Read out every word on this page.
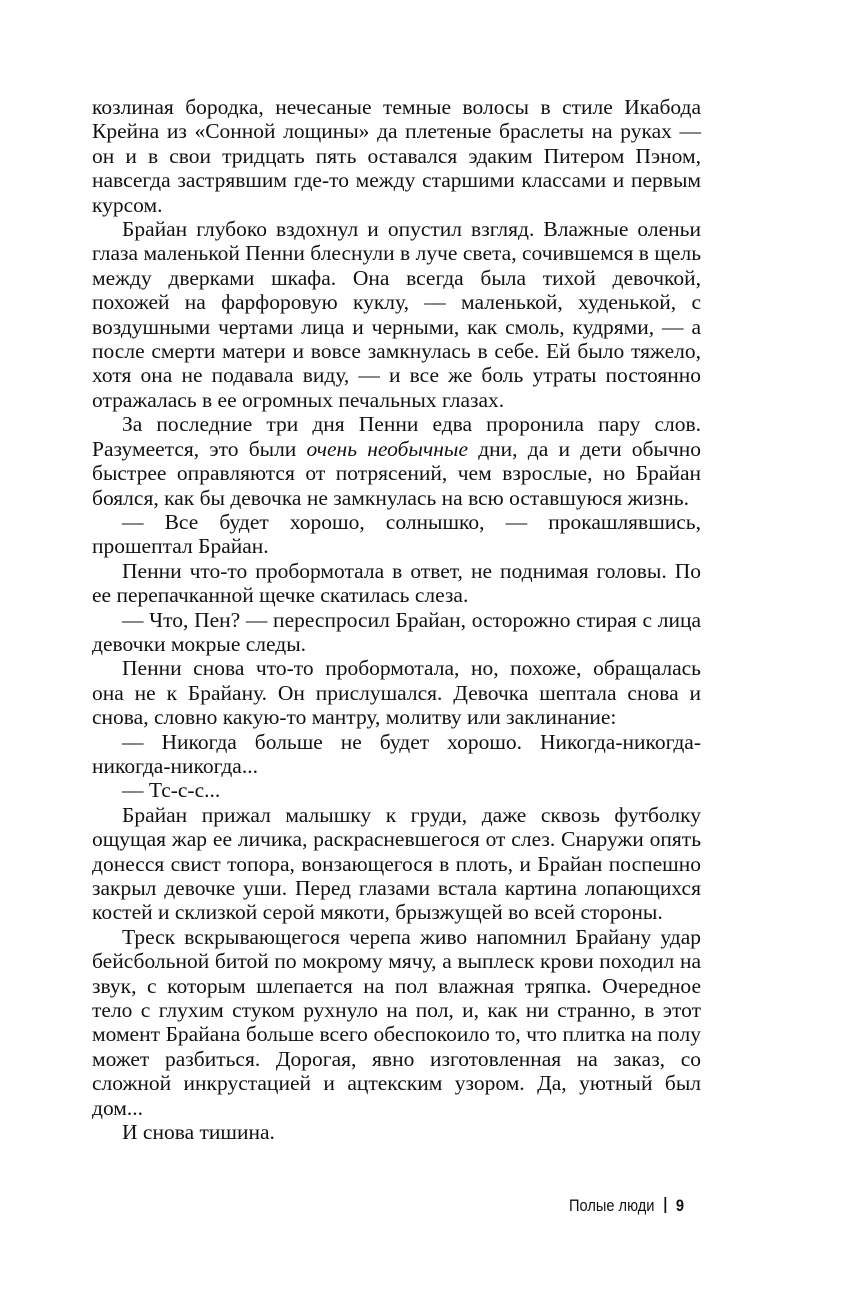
козлиная бородка, нечесаные темные волосы в стиле Икабода Крейна из «Сонной лощины» да плетеные браслеты на руках — он и в свои тридцать пять оставался эдаким Питером Пэном, навсегда застрявшим где-то между старшими классами и первым курсом.

Брайан глубоко вздохнул и опустил взгляд. Влажные оленьи глаза маленькой Пенни блеснули в луче света, сочившемся в щель между дверками шкафа. Она всегда была тихой девочкой, похожей на фарфоровую куклу, — маленькой, худенькой, с воздушными чертами лица и черными, как смоль, кудрями, — а после смерти матери и вовсе замкнулась в себе. Ей было тяжело, хотя она не подавала виду, — и все же боль утраты постоянно отражалась в ее огромных печальных глазах.

За последние три дня Пенни едва проронила пару слов. Разумеется, это были очень необычные дни, да и дети обычно быстрее оправляются от потрясений, чем взрослые, но Брайан боялся, как бы девочка не замкнулась на всю оставшуюся жизнь.

— Все будет хорошо, солнышко, — прокашлявшись, прошептал Брайан.

Пенни что-то пробормотала в ответ, не поднимая головы. По ее перепачканной щечке скатилась слеза.

— Что, Пен? — переспросил Брайан, осторожно стирая с лица девочки мокрые следы.

Пенни снова что-то пробормотала, но, похоже, обращалась она не к Брайану. Он прислушался. Девочка шептала снова и снова, словно какую-то мантру, молитву или заклинание:

— Никогда больше не будет хорошо. Никогда-никогда-никогда-никогда...

— Тс-с-с...

Брайан прижал малышку к груди, даже сквозь футболку ощущая жар ее личика, раскрасневшегося от слез. Снаружи опять донесся свист топора, вонзающегося в плоть, и Брайан поспешно закрыл девочке уши. Перед глазами встала картина лопающихся костей и склизкой серой мякоти, брызжущей во всей стороны.

Треск вскрывающегося черепа живо напомнил Брайану удар бейсбольной битой по мокрому мячу, а выплеск крови походил на звук, с которым шлепается на пол влажная тряпка. Очередное тело с глухим стуком рухнуло на пол, и, как ни странно, в этот момент Брайана больше всего обеспокоило то, что плитка на полу может разбиться. Дорогая, явно изготовленная на заказ, со сложной инкрустацией и ацтекским узором. Да, уютный был дом...

И снова тишина.

Полые люди 9
